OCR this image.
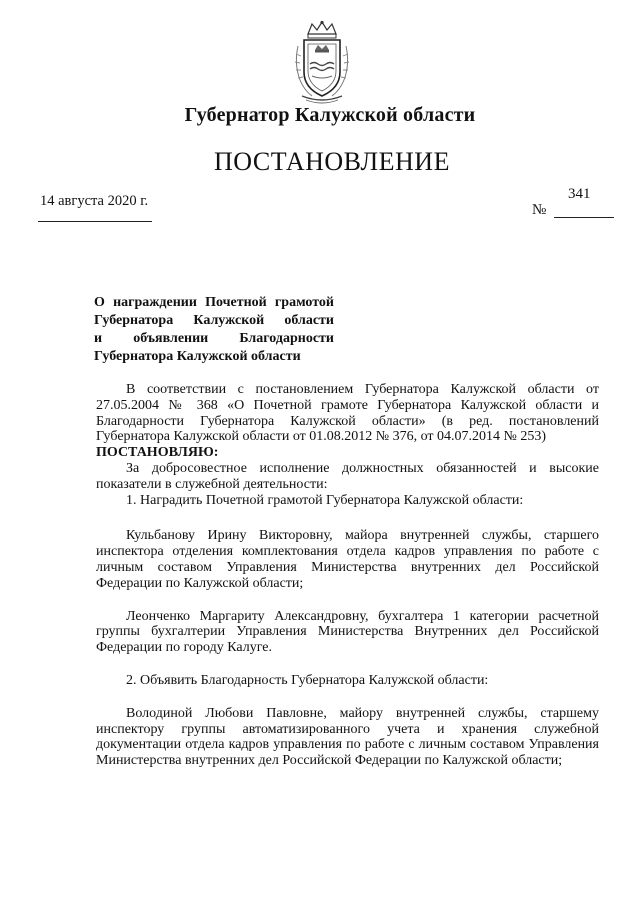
Губернатор Калужской области
ПОСТАНОВЛЕНИЕ
14 августа 2020 г.	341
№
О награждении Почетной грамотой
Губернатора Калужской области
и объявлении Благодарности
Губернатора Калужской области
В соответствии с постановлением Губернатора Калужской области от 27.05.2004 № 368 «О Почетной грамоте Губернатора Калужской области и Благодарности Губернатора Калужской области» (в ред. постановлений Губернатора Калужской области от 01.08.2012 № 376, от 04.07.2014 № 253)
ПОСТАНОВЛЯЮ:
За добросовестное исполнение должностных обязанностей и высокие показатели в служебной деятельности:
1. Наградить Почетной грамотой Губернатора Калужской области:
Кульбанову Ирину Викторовну, майора внутренней службы, старшего инспектора отделения комплектования отдела кадров управления по работе с личным составом Управления Министерства внутренних дел Российской Федерации по Калужской области;
Леонченко Маргариту Александровну, бухгалтера 1 категории расчетной группы бухгалтерии Управления Министерства Внутренних дел Российской Федерации по городу Калуге.
2. Объявить Благодарность Губернатора Калужской области:
Володиной Любови Павловне, майору внутренней службы, старшему инспектору группы автоматизированного учета и хранения служебной документации отдела кадров управления по работе с личным составом Управления Министерства внутренних дел Российской Федерации по Калужской области;
